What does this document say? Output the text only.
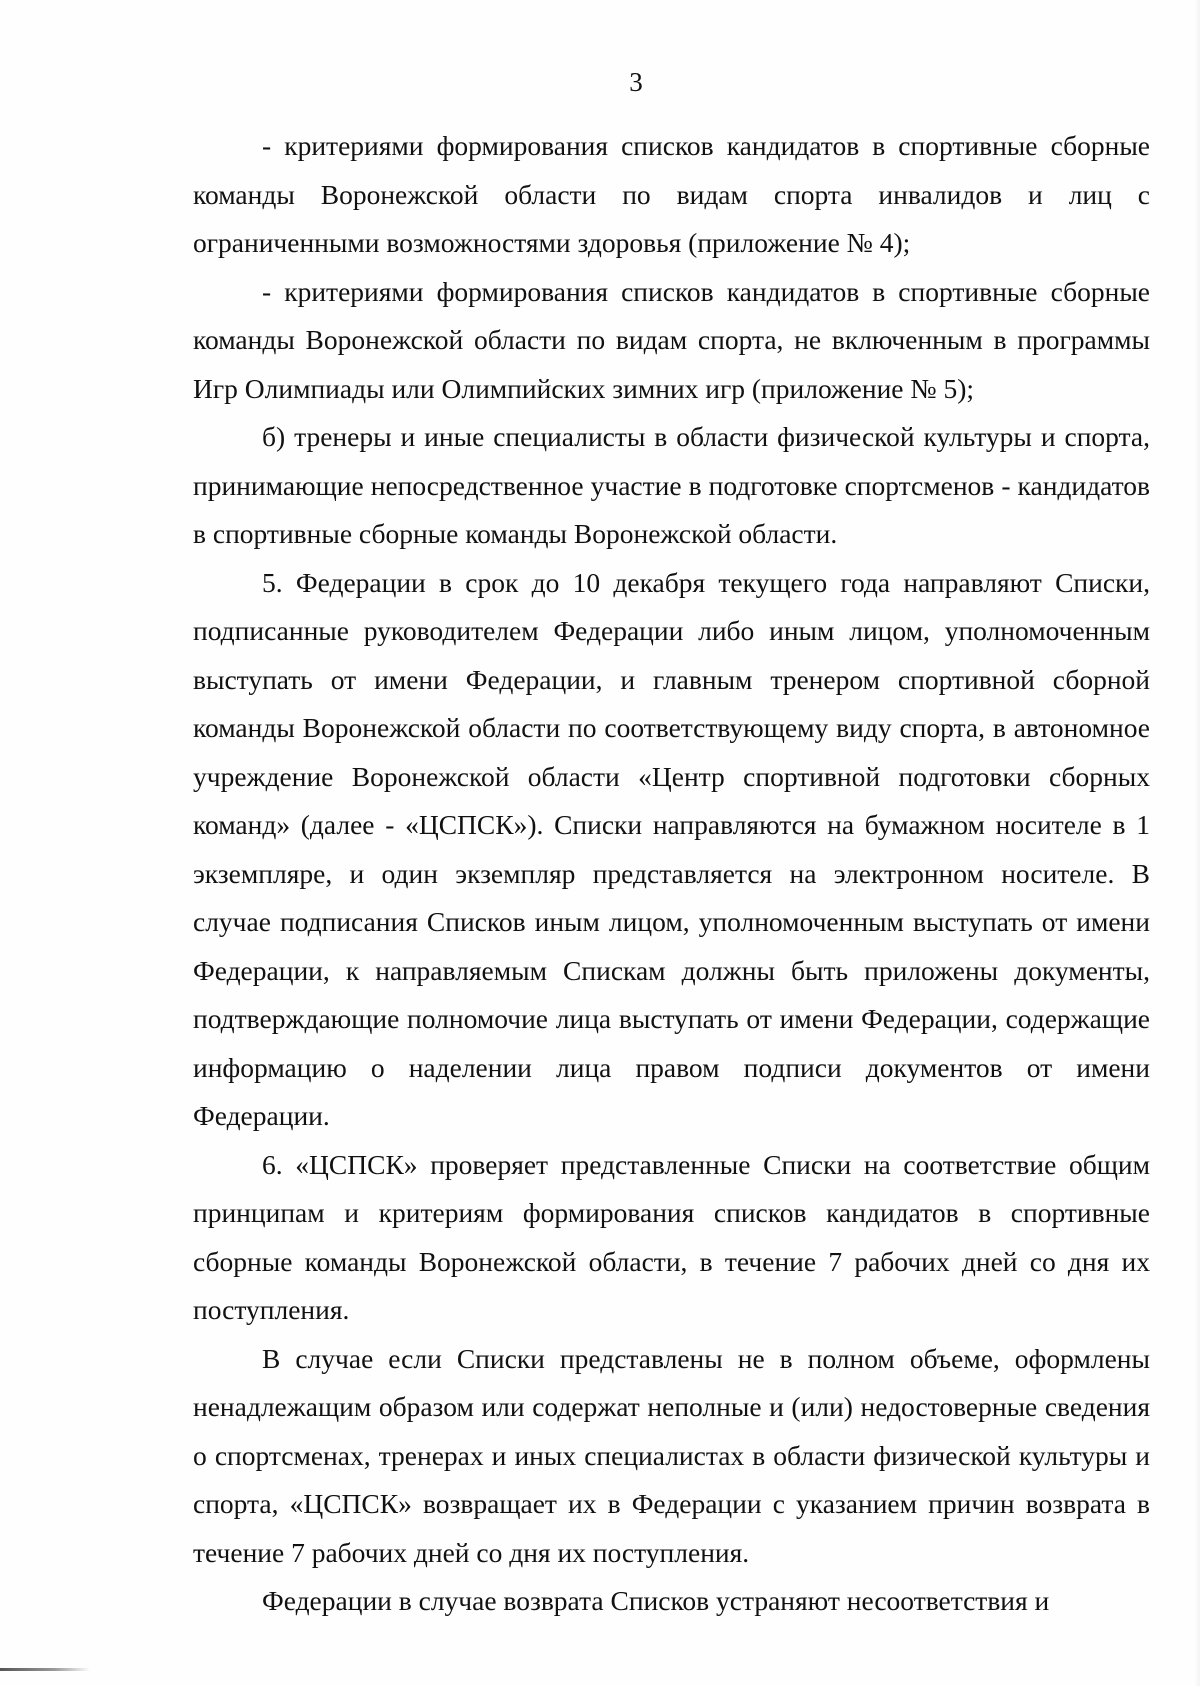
3

- критериями формирования списков кандидатов в спортивные сборные команды Воронежской области по видам спорта инвалидов и лиц с ограниченными возможностями здоровья (приложение № 4);

- критериями формирования списков кандидатов в спортивные сборные команды Воронежской области по видам спорта, не включенным в программы Игр Олимпиады или Олимпийских зимних игр (приложение № 5);

б) тренеры и иные специалисты в области физической культуры и спорта, принимающие непосредственное участие в подготовке спортсменов - кандидатов в спортивные сборные команды Воронежской области.

5. Федерации в срок до 10 декабря текущего года направляют Списки, подписанные руководителем Федерации либо иным лицом, уполномоченным выступать от имени Федерации, и главным тренером спортивной сборной команды Воронежской области по соответствующему виду спорта, в автономное учреждение Воронежской области «Центр спортивной подготовки сборных команд» (далее - «ЦСПСК»). Списки направляются на бумажном носителе в 1 экземпляре, и один экземпляр представляется на электронном носителе. В случае подписания Списков иным лицом, уполномоченным выступать от имени Федерации, к направляемым Спискам должны быть приложены документы, подтверждающие полномочие лица выступать от имени Федерации, содержащие информацию о наделении лица правом подписи документов от имени Федерации.

6. «ЦСПСК» проверяет представленные Списки на соответствие общим принципам и критериям формирования списков кандидатов в спортивные сборные команды Воронежской области, в течение 7 рабочих дней со дня их поступления.

В случае если Списки представлены не в полном объеме, оформлены ненадлежащим образом или содержат неполные и (или) недостоверные сведения о спортсменах, тренерах и иных специалистах в области физической культуры и спорта, «ЦСПСК» возвращает их в Федерации с указанием причин возврата в течение 7 рабочих дней со дня их поступления.

Федерации в случае возврата Списков устраняют несоответствия и
